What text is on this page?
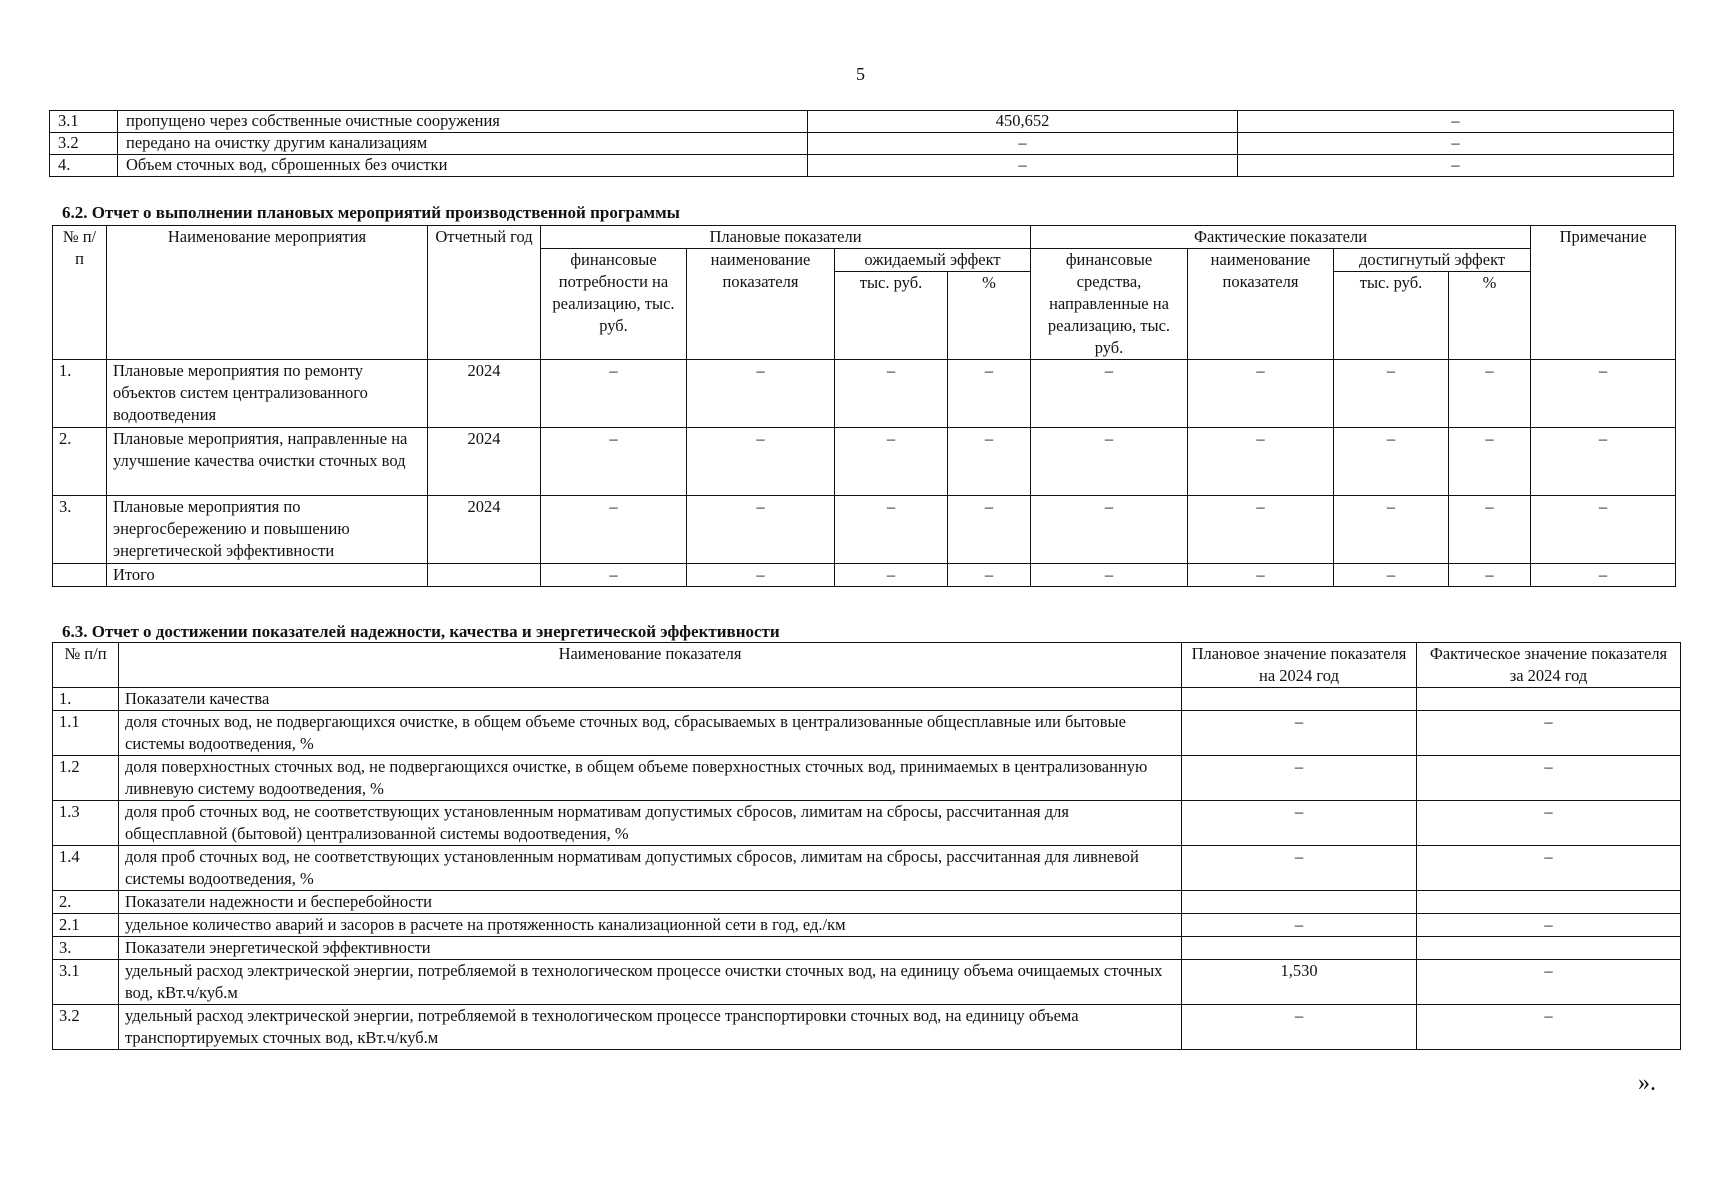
5
3.1	пропущено через собственные очистные сооружения	450,652	–
3.2	передано на очистку другим канализациям	–	–
4.	Объем сточных вод, сброшенных без очистки	–	–
6.2. Отчет о выполнении плановых мероприятий производственной программы
№ п/п	Наименование мероприятия	Отчетный год	Плановые показатели				Фактические показатели				Примечание
			финансовые потребности на реализацию, тыс. руб.	наименование показателя	ожидаемый эффект		финансовые средства, направленные на реализацию, тыс. руб.	наименование показателя	достигнутый эффект		
					тыс. руб.	%			тыс. руб.	%	
1.	Плановые мероприятия по ремонту объектов систем централизованного водоотведения	2024	–	–	–	–	–	–	–	–	–
2.	Плановые мероприятия, направленные на улучшение качества очистки сточных вод	2024	–	–	–	–	–	–	–	–	–
3.	Плановые мероприятия по энергосбережению и повышению энергетической эффективности	2024	–	–	–	–	–	–	–	–	–
	Итого		–	–	–	–	–	–	–	–	–
6.3. Отчет о достижении показателей надежности, качества и энергетической эффективности
№ п/п	Наименование показателя	Плановое значение показателя на 2024 год	Фактическое значение показателя за 2024 год
1.	Показатели качества		
1.1	доля сточных вод, не подвергающихся очистке, в общем объеме сточных вод, сбрасываемых в централизованные общесплавные или бытовые системы водоотведения, %	–	–
1.2	доля поверхностных сточных вод, не подвергающихся очистке, в общем объеме поверхностных сточных вод, принимаемых в централизованную ливневую систему водоотведения, %	–	–
1.3	доля проб сточных вод, не соответствующих установленным нормативам допустимых сбросов, лимитам на сбросы, рассчитанная для общесплавной (бытовой) централизованной системы водоотведения, %	–	–
1.4	доля проб сточных вод, не соответствующих установленным нормативам допустимых сбросов, лимитам на сбросы, рассчитанная для ливневой системы водоотведения, %	–	–
2.	Показатели надежности и бесперебойности		
2.1	удельное количество аварий и засоров в расчете на протяженность канализационной сети в год, ед./км	–	–
3.	Показатели энергетической эффективности		
3.1	удельный расход электрической энергии, потребляемой в технологическом процессе очистки сточных вод, на единицу объема очищаемых сточных вод, кВт.ч/куб.м	1,530	–
3.2	удельный расход электрической энергии, потребляемой в технологическом процессе транспортировки сточных вод, на единицу объема транспортируемых сточных вод, кВт.ч/куб.м	–	–
».
